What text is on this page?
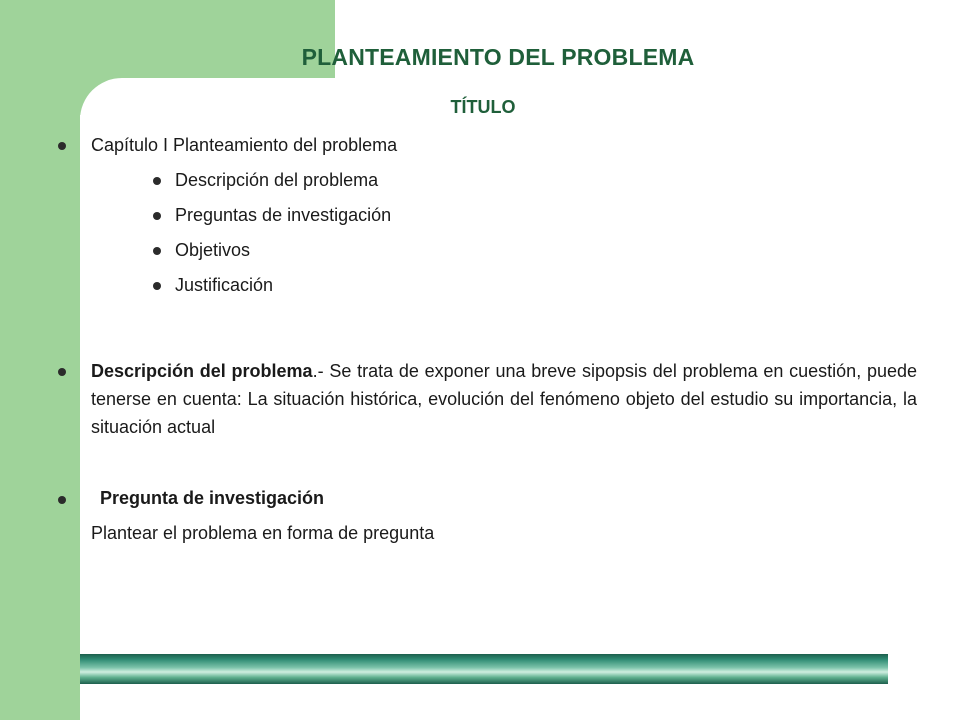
PLANTEAMIENTO DEL PROBLEMA
TÍTULO
Capítulo I Planteamiento del problema
Descripción del problema
Preguntas de investigación
Objetivos
Justificación
Descripción del problema.- Se trata de exponer una breve sipopsis del problema en cuestión, puede tenerse en cuenta: La situación histórica, evolución del fenómeno objeto del estudio su importancia, la situación actual
Pregunta de investigación
Plantear el problema en forma de pregunta
